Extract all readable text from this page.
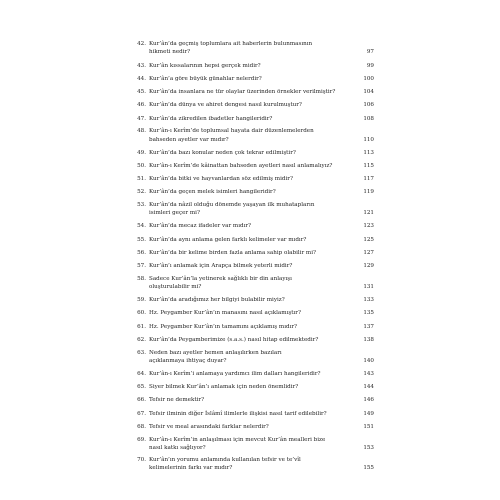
42. Kur’ân’da geçmiş toplumlara ait haberlerin bulunmasının
hikmeti nedir?	97
43. Kur’ân kıssalarının hepsi gerçek midir?	99
44. Kur’ân’a göre büyük günahlar nelerdir?	100
45. Kur’ân’da insanlara ne tür olaylar üzerinden örnekler verilmiştir?	104
46. Kur’ân’da dünya ve ahiret dengesi nasıl kurulmuştur?	106
47. Kur’ân’da zikredilen ibadetler hangileridir?	108
48. Kur’ân-ı Kerîm’de toplumsal hayata dair düzenlemelerden
bahseden ayetler var mıdır?	110
49. Kur’ân’da bazı konular neden çok tekrar edilmiştir?	113
50. Kur’ân-ı Kerîm’de kâinattan bahseden ayetleri nasıl anlamalıyız?	115
51. Kur’ân’da bitki ve hayvanlardan söz edilmiş midir?	117
52. Kur’ân’da geçen melek isimleri hangileridir?	119
53. Kur’ân’da nâzil olduğu dönemde yaşayan ilk muhatapların
isimleri geçer mi?	121
54. Kur’ân’da mecaz ifadeler var mıdır?	123
55. Kur’ân’da aynı anlama gelen farklı kelimeler var mıdır?	125
56. Kur’ân’da bir kelime birden fazla anlama sahip olabilir mi?	127
57. Kur’ân’ı anlamak için Arapça bilmek yeterli midir?	129
58. Sadece Kur’ân’la yetinerek sağlıklı bir din anlayışı
oluşturulabilir mi?	131
59. Kur’ân’da aradığımız her bilgiyi bulabilir miyiz?	133
60. Hz. Peygamber Kur’ân’ın manasını nasıl açıklamıştır?	135
61. Hz. Peygamber Kur’ân’ın tamamını açıklamış mıdır?	137
62. Kur’ân’da Peygamberimize (s.a.s.) nasıl hitap edilmektedir?	138
63. Neden bazı ayetler hemen anlaşılırken bazıları
açıklanmaya ihtiyaç duyar?	140
64. Kur’ân-ı Kerîm’i anlamaya yardımcı ilim dalları hangileridir?	143
65. Siyer bilmek Kur’ân’ı anlamak için neden önemlidir?	144
66. Tefsir ne demektir?	146
67. Tefsir ilminin diğer İslâmî ilimlerle ilişkisi nasıl tarif edilebilir?	149
68. Tefsir ve meal arasındaki farklar nelerdir?	151
69. Kur’ân-ı Kerîm’in anlaşılması için mevcut Kur’ân mealleri bize
nasıl katkı sağlıyor?	153
70. Kur’ân’ın yorumu anlamında kullanılan tefsir ve te’vîl
kelimelerinin farkı var mıdır?	155
